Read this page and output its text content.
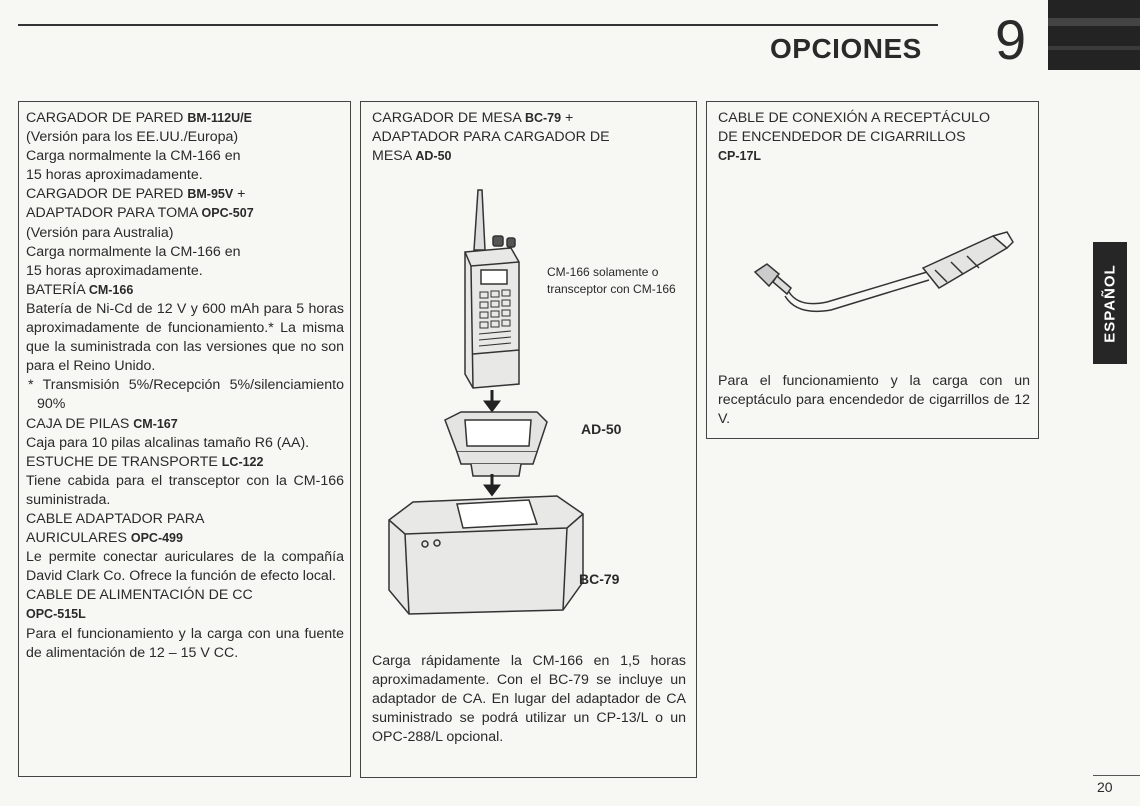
OPCIONES 9
ESPAÑOL
CARGADOR DE PARED BM-112U/E
(Versión para los EE.UU./Europa)
Carga normalmente la CM-166 en
15 horas aproximadamente.
CARGADOR DE PARED BM-95V +
ADAPTADOR PARA TOMA OPC-507
(Versión para Australia)
Carga normalmente la CM-166 en
15 horas aproximadamente.
BATERÍA CM-166
Batería de Ni-Cd de 12 V y 600 mAh para 5 horas aproximadamente de funcionamiento.* La misma que la suministrada con las versiones que no son para el Reino Unido.
* Transmisión 5%/Recepción 5%/silenciamiento 90%
CAJA DE PILAS CM-167
Caja para 10 pilas alcalinas tamaño R6 (AA).
ESTUCHE DE TRANSPORTE LC-122
Tiene cabida para el transceptor con la CM-166 suministrada.
CABLE ADAPTADOR PARA
AURICULARES OPC-499
Le permite conectar auriculares de la compañía David Clark Co. Ofrece la función de efecto local.
CABLE DE ALIMENTACIÓN DE CC
OPC-515L
Para el funcionamiento y la carga con una fuente de alimentación de 12 – 15 V CC.
CARGADOR DE MESA BC-79 +
ADAPTADOR PARA CARGADOR DE
MESA AD-50
CM-166 solamente o transceptor con CM-166
AD-50
BC-79
Carga rápidamente la CM-166 en 1,5 horas aproximadamente. Con el BC-79 se incluye un adaptador de CA. En lugar del adaptador de CA suministrado se podrá utilizar un CP-13/L o un OPC-288/L opcional.
CABLE DE CONEXIÓN A RECEPTÁCULO
DE ENCENDEDOR DE CIGARRILLOS
CP-17L
Para el funcionamiento y la carga con un receptáculo para encendedor de cigarrillos de 12 V.
20
